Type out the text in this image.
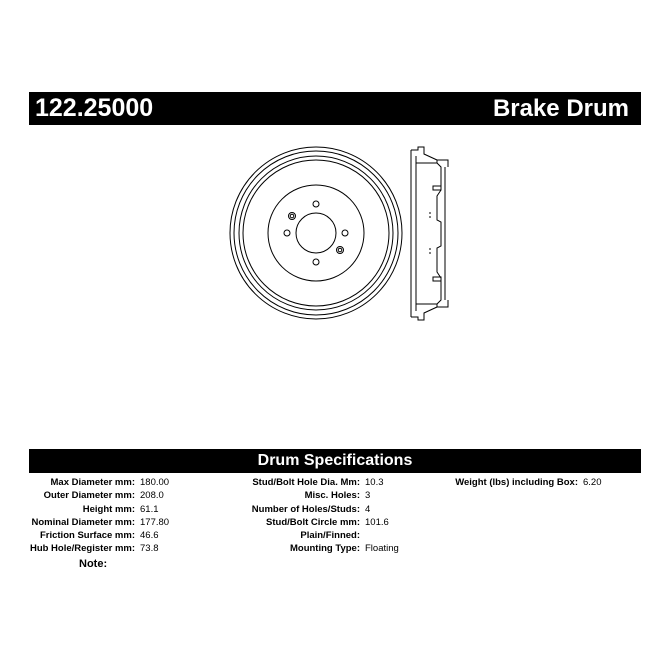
122.25000	Brake Drum
Drum Specifications
Max Diameter mm: 180.00
Outer Diameter mm: 208.0
Height mm: 61.1
Nominal Diameter mm: 177.80
Friction Surface mm: 46.6
Hub Hole/Register mm: 73.8
Stud/Bolt Hole Dia. Mm: 10.3
Misc. Holes: 3
Number of Holes/Studs: 4
Stud/Bolt Circle mm: 101.6
Plain/Finned:
Mounting Type: Floating
Weight (lbs) including Box: 6.20
Note:
